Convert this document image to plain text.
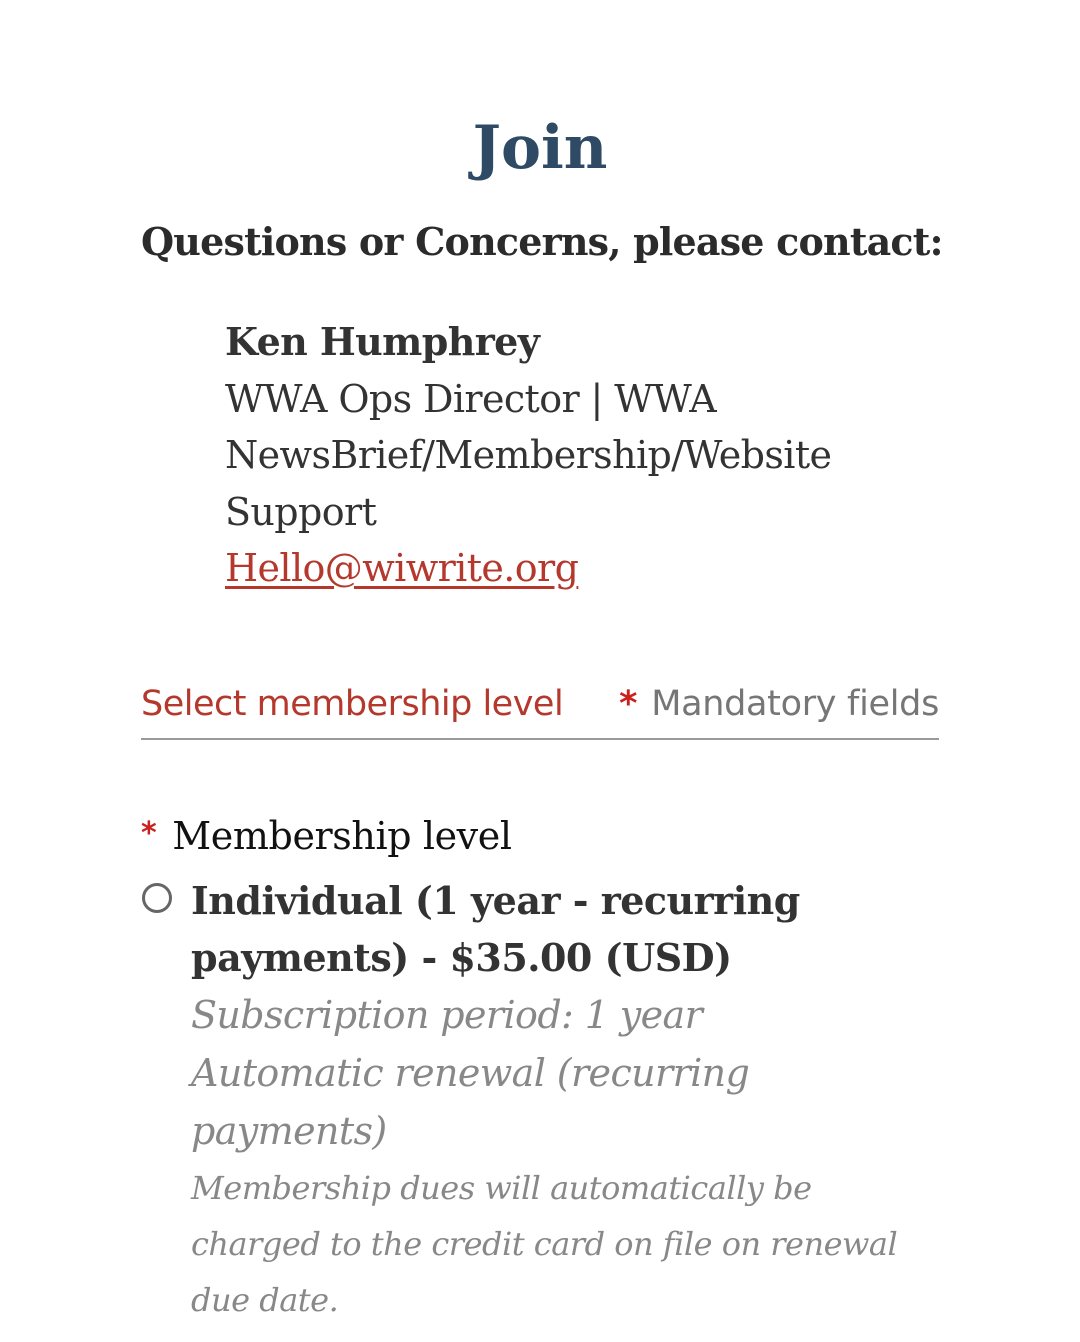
Join

Questions or Concerns, please contact:

Ken Humphrey
WWA Ops Director | WWA NewsBrief/Membership/Website Support
Hello@wiwrite.org
Select membership level * Mandatory fields
* Membership level

Individual (1 year - recurring payments) - $35.00 (USD)

Subscription period: 1 year

Automatic renewal (recurring payments)

Membership dues will automatically be charged to the credit card on file on renewal due date.
